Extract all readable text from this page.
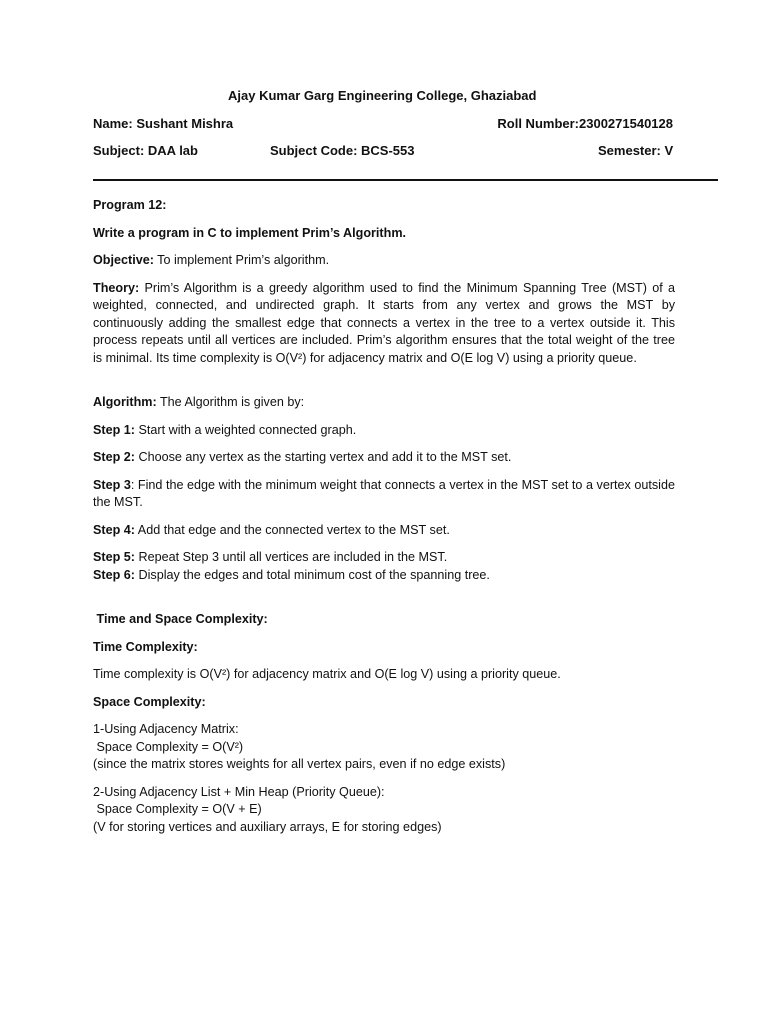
Ajay Kumar Garg Engineering College, Ghaziabad
Name: Sushant Mishra	Roll Number:2300271540128
Subject: DAA lab	Subject Code: BCS-553	Semester: V

Program 12:

Write a program in C to implement Prim’s Algorithm.

Objective: To implement Prim’s algorithm.

Theory: Prim’s Algorithm is a greedy algorithm used to find the Minimum Spanning Tree (MST) of a weighted, connected, and undirected graph. It starts from any vertex and grows the MST by continuously adding the smallest edge that connects a vertex in the tree to a vertex outside it. This process repeats until all vertices are included. Prim’s algorithm ensures that the total weight of the tree is minimal. Its time complexity is O(V²) for adjacency matrix and O(E log V) using a priority queue.

Algorithm: The Algorithm is given by:

Step 1: Start with a weighted connected graph.

Step 2: Choose any vertex as the starting vertex and add it to the MST set.

Step 3: Find the edge with the minimum weight that connects a vertex in the MST set to a vertex outside the MST.

Step 4: Add that edge and the connected vertex to the MST set.

Step 5: Repeat Step 3 until all vertices are included in the MST.

Step 6: Display the edges and total minimum cost of the spanning tree.

Time and Space Complexity:

Time Complexity:

Time complexity is O(V²) for adjacency matrix and O(E log V) using a priority queue.

Space Complexity:

1-Using Adjacency Matrix:
Space Complexity = O(V²)
(since the matrix stores weights for all vertex pairs, even if no edge exists)

2-Using Adjacency List + Min Heap (Priority Queue):
Space Complexity = O(V + E)
(V for storing vertices and auxiliary arrays, E for storing edges)
